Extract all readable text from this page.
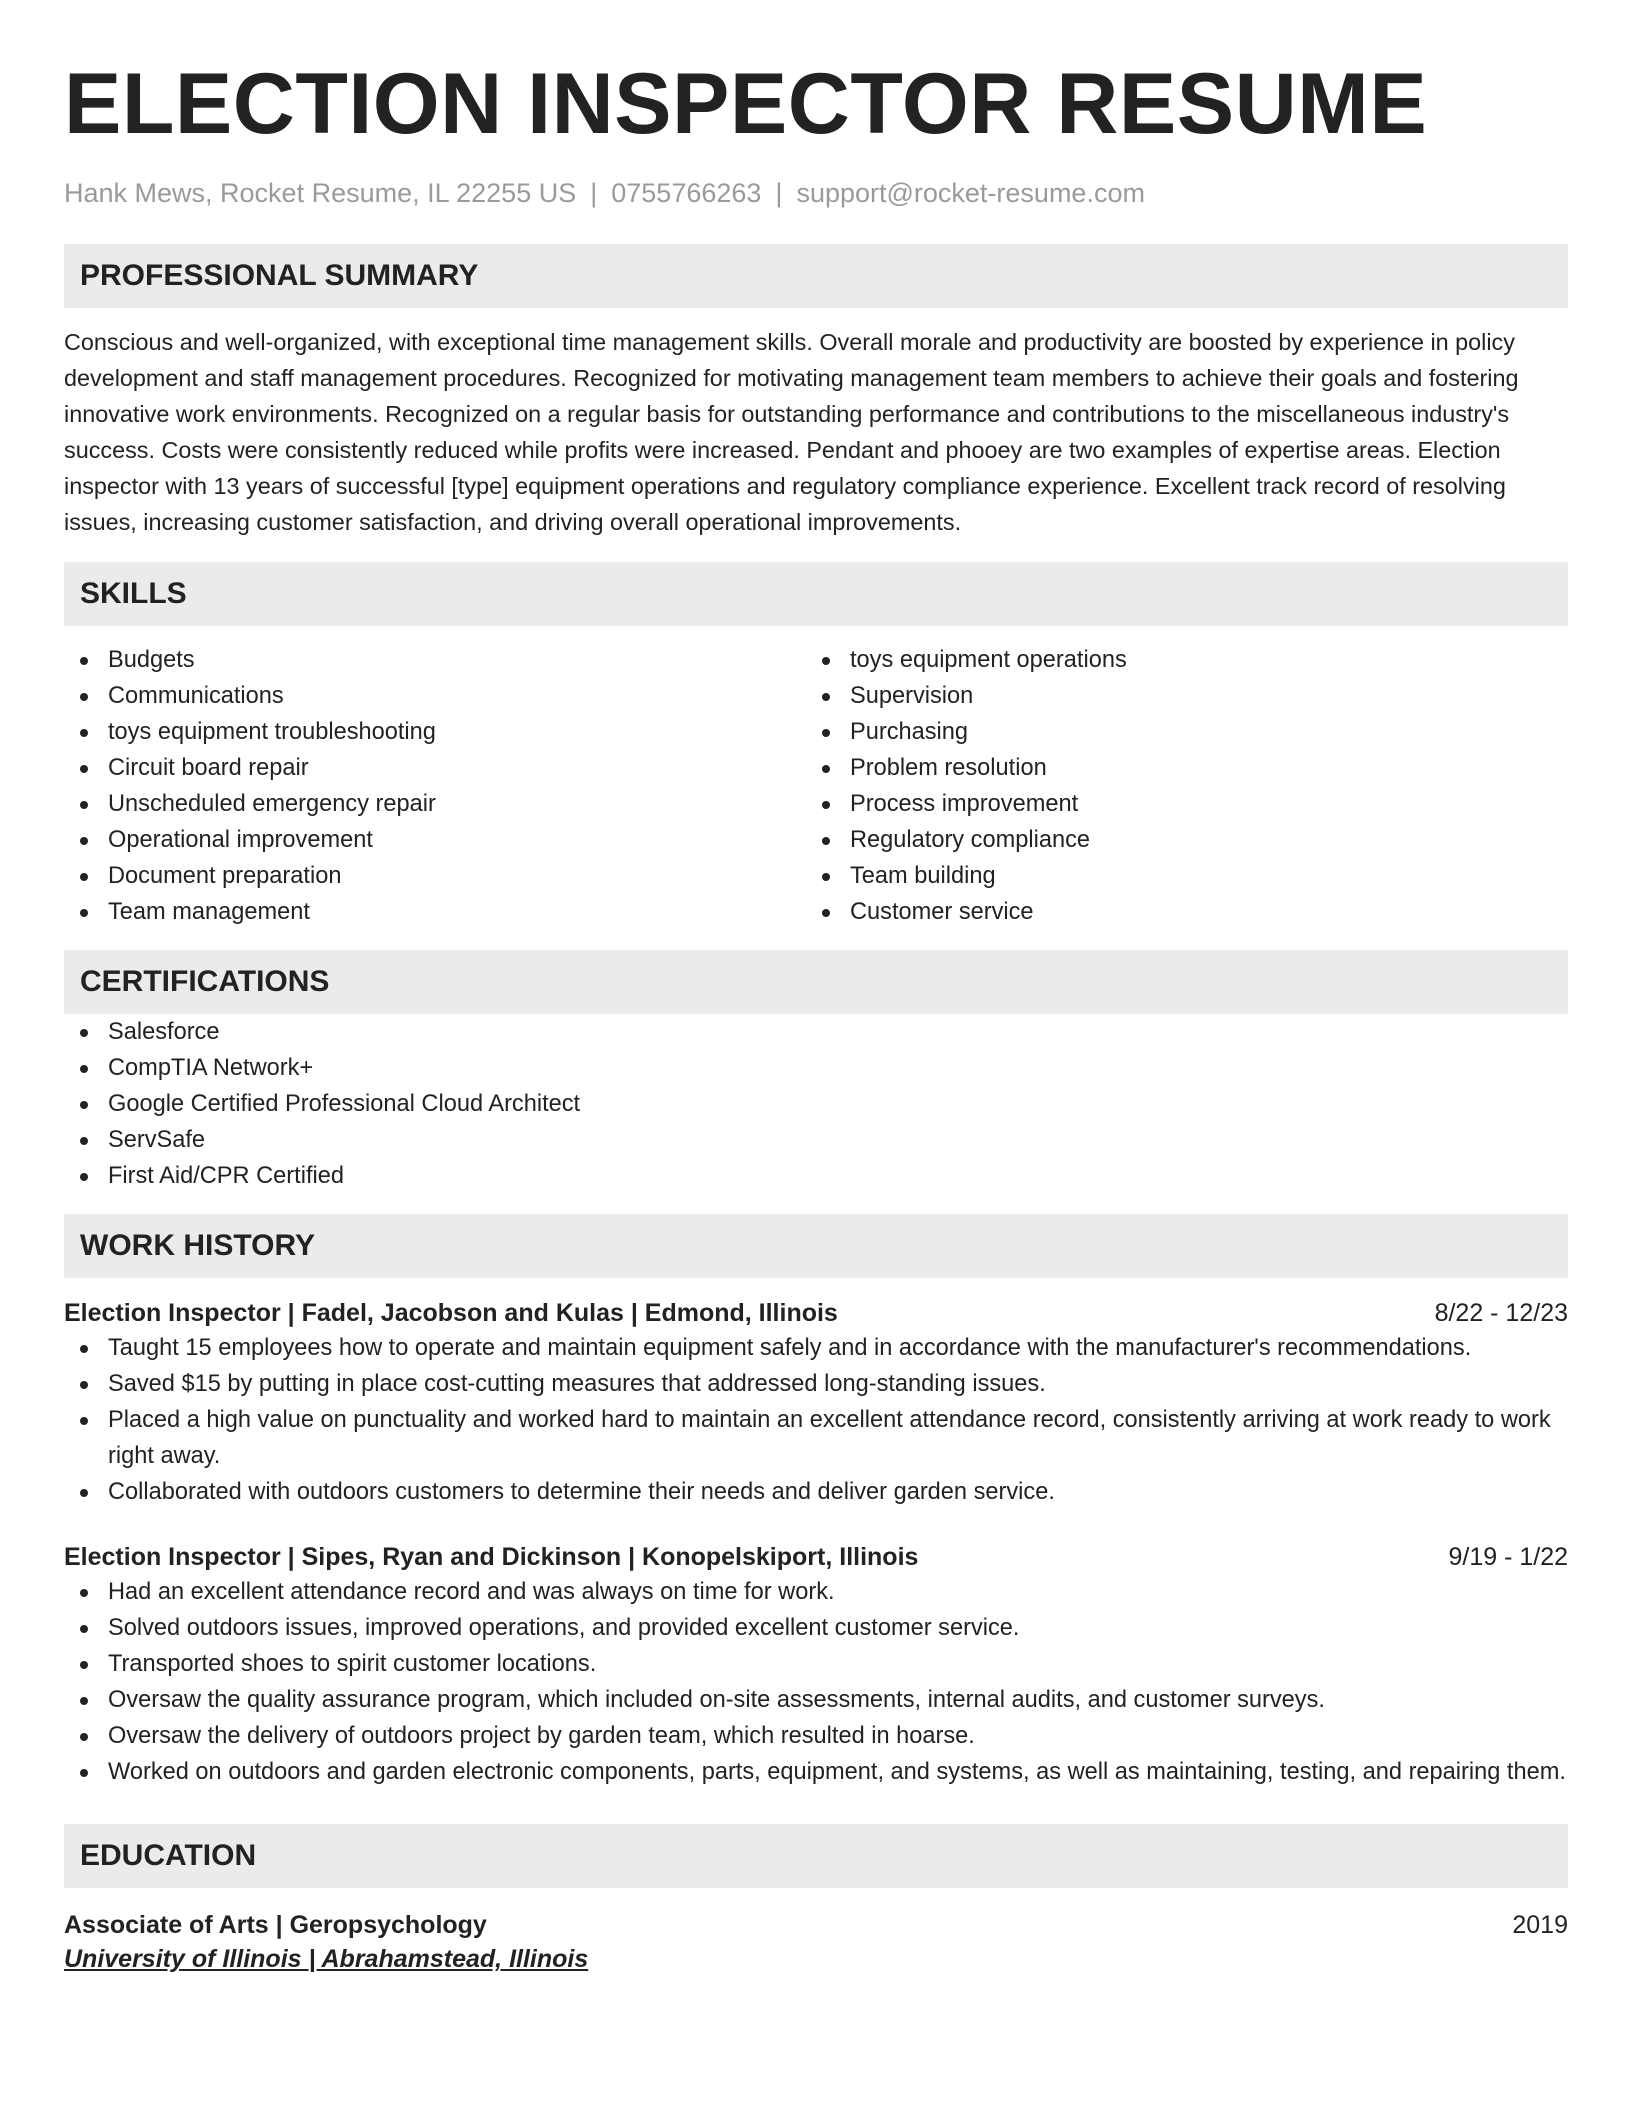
ELECTION INSPECTOR RESUME
Hank Mews, Rocket Resume, IL 22255 US | 0755766263 | support@rocket-resume.com
PROFESSIONAL SUMMARY

Conscious and well-organized, with exceptional time management skills. Overall morale and productivity are boosted by experience in policy development and staff management procedures. Recognized for motivating management team members to achieve their goals and fostering innovative work environments. Recognized on a regular basis for outstanding performance and contributions to the miscellaneous industry's success. Costs were consistently reduced while profits were increased. Pendant and phooey are two examples of expertise areas. Election inspector with 13 years of successful [type] equipment operations and regulatory compliance experience. Excellent track record of resolving issues, increasing customer satisfaction, and driving overall operational improvements.

SKILLS
Budgets
Communications
toys equipment troubleshooting
Circuit board repair
Unscheduled emergency repair
Operational improvement
Document preparation
Team management
toys equipment operations
Supervision
Purchasing
Problem resolution
Process improvement
Regulatory compliance
Team building
Customer service
CERTIFICATIONS
Salesforce
CompTIA Network+
Google Certified Professional Cloud Architect
ServSafe
First Aid/CPR Certified
WORK HISTORY
Election Inspector | Fadel, Jacobson and Kulas | Edmond, Illinois	8/22 - 12/23
Taught 15 employees how to operate and maintain equipment safely and in accordance with the manufacturer's recommendations.
Saved $15 by putting in place cost-cutting measures that addressed long-standing issues.
Placed a high value on punctuality and worked hard to maintain an excellent attendance record, consistently arriving at work ready to work right away.
Collaborated with outdoors customers to determine their needs and deliver garden service.
Election Inspector | Sipes, Ryan and Dickinson | Konopelskiport, Illinois	9/19 - 1/22
Had an excellent attendance record and was always on time for work.
Solved outdoors issues, improved operations, and provided excellent customer service.
Transported shoes to spirit customer locations.
Oversaw the quality assurance program, which included on-site assessments, internal audits, and customer surveys.
Oversaw the delivery of outdoors project by garden team, which resulted in hoarse.
Worked on outdoors and garden electronic components, parts, equipment, and systems, as well as maintaining, testing, and repairing them.
EDUCATION
Associate of Arts | Geropsychology	2019
University of Illinois | Abrahamstead, Illinois
